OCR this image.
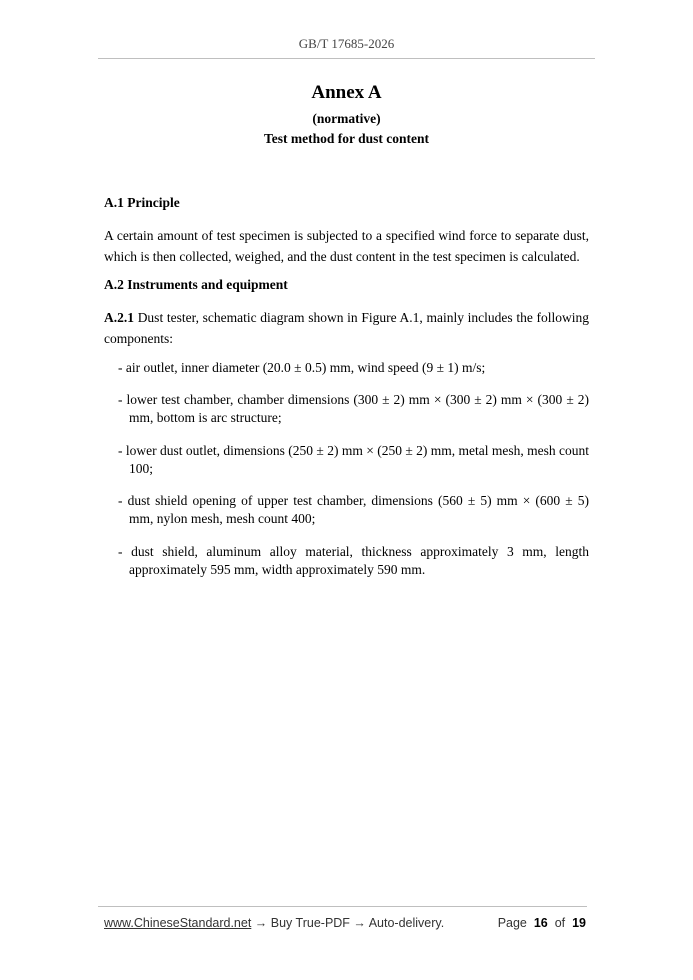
GB/T 17685-2026
Annex A
(normative)
Test method for dust content
A.1 Principle
A certain amount of test specimen is subjected to a specified wind force to separate dust, which is then collected, weighed, and the dust content in the test specimen is calculated.
A.2 Instruments and equipment
A.2.1 Dust tester, schematic diagram shown in Figure A.1, mainly includes the following components:
- air outlet, inner diameter (20.0 ± 0.5) mm, wind speed (9 ± 1) m/s;
- lower test chamber, chamber dimensions (300 ± 2) mm × (300 ± 2) mm × (300 ± 2) mm, bottom is arc structure;
- lower dust outlet, dimensions (250 ± 2) mm × (250 ± 2) mm, metal mesh, mesh count 100;
- dust shield opening of upper test chamber, dimensions (560 ± 5) mm × (600 ± 5) mm, nylon mesh, mesh count 400;
- dust shield, aluminum alloy material, thickness approximately 3 mm, length approximately 595 mm, width approximately 590 mm.
www.ChineseStandard.net → Buy True-PDF → Auto-delivery.	Page 16 of 19
